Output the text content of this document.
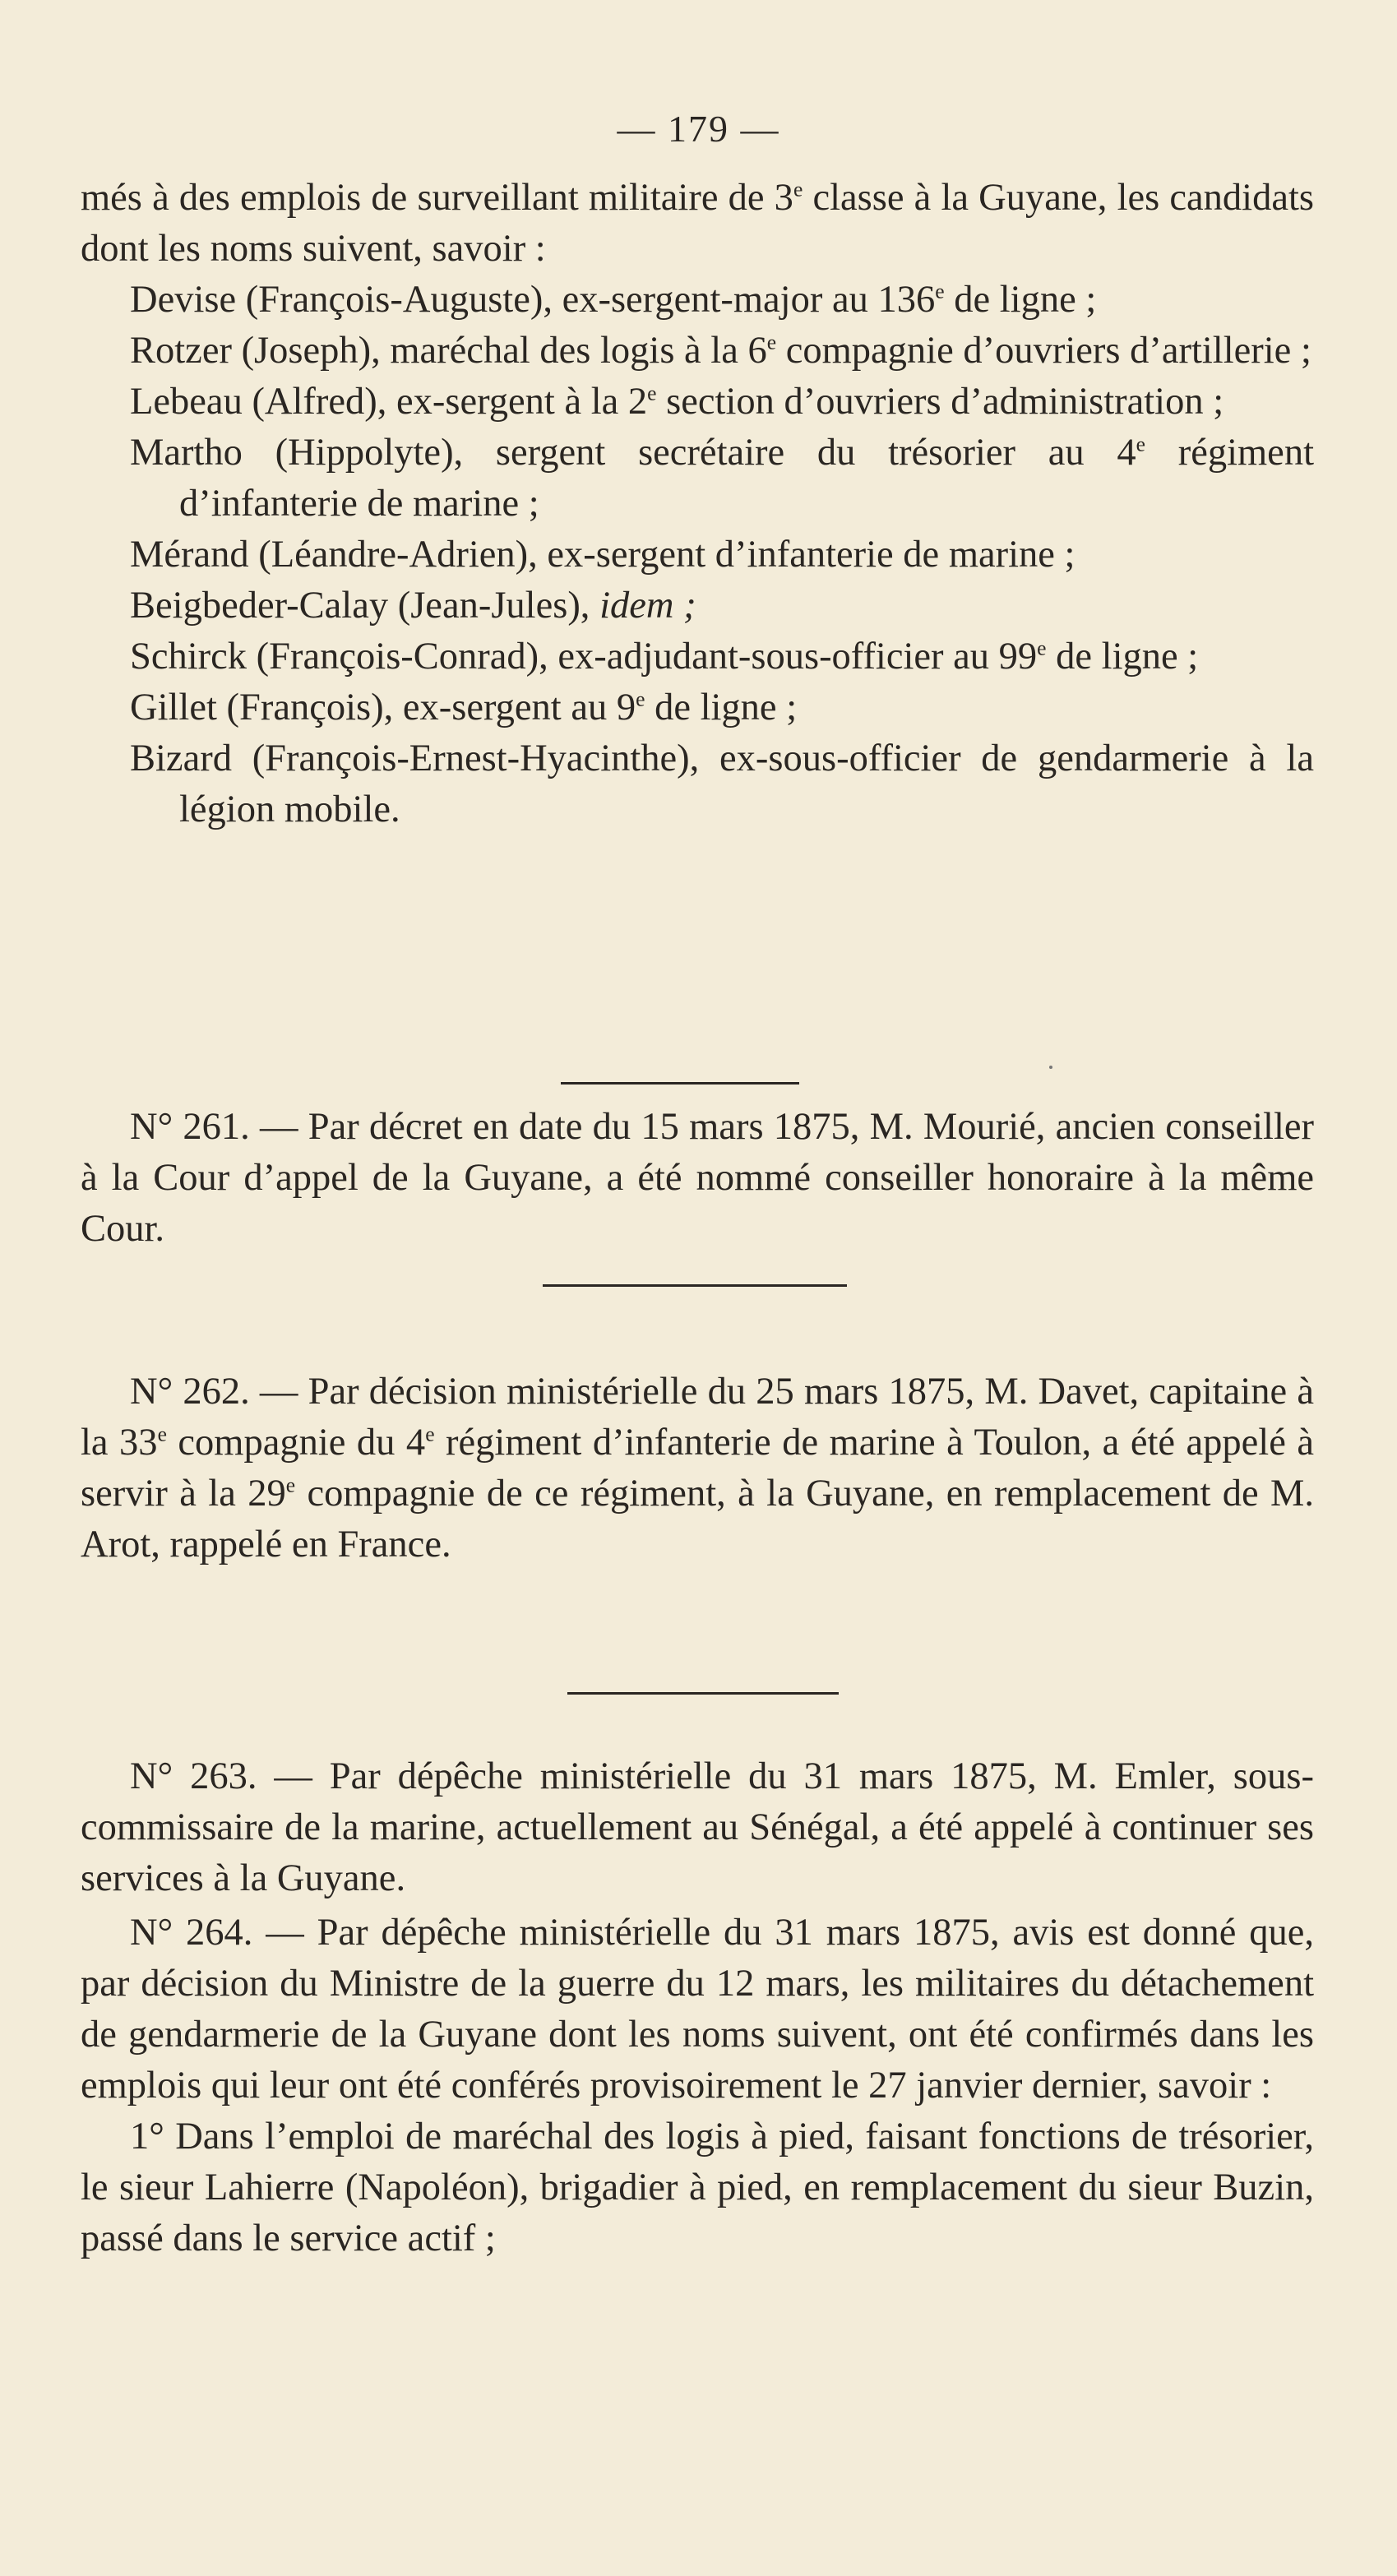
— 179 —

més à des emplois de surveillant militaire de 3e classe à la Guyane, les candidats dont les noms suivent, savoir :

Devise (François-Auguste), ex-sergent-major au 136e de ligne ;

Rotzer (Joseph), maréchal des logis à la 6e compagnie d’ouvriers d’artillerie ;

Lebeau (Alfred), ex-sergent à la 2e section d’ouvriers d’administration ;

Martho (Hippolyte), sergent secrétaire du trésorier au 4e régiment d’infanterie de marine ;

Mérand (Léandre-Adrien), ex-sergent d’infanterie de marine ;

Beigbeder-Calay (Jean-Jules), idem ;

Schirck (François-Conrad), ex-adjudant-sous-officier au 99e de ligne ;

Gillet (François), ex-sergent au 9e de ligne ;

Bizard (François-Ernest-Hyacinthe), ex-sous-officier de gendarmerie à la légion mobile.

N° 261. — Par décret en date du 15 mars 1875, M. Mourié, ancien conseiller à la Cour d’appel de la Guyane, a été nommé conseiller honoraire à la même Cour.

N° 262. — Par décision ministérielle du 25 mars 1875, M. Davet, capitaine à la 33e compagnie du 4e régiment d’infanterie de marine à Toulon, a été appelé à servir à la 29e compagnie de ce régiment, à la Guyane, en remplacement de M. Arot, rappelé en France.

N° 263. — Par dépêche ministérielle du 31 mars 1875, M. Emler, sous-commissaire de la marine, actuellement au Sénégal, a été appelé à continuer ses services à la Guyane.

N° 264. — Par dépêche ministérielle du 31 mars 1875, avis est donné que, par décision du Ministre de la guerre du 12 mars, les militaires du détachement de gendarmerie de la Guyane dont les noms suivent, ont été confirmés dans les emplois qui leur ont été conférés provisoirement le 27 janvier dernier, savoir :

1° Dans l’emploi de maréchal des logis à pied, faisant fonctions de trésorier, le sieur Lahierre (Napoléon), brigadier à pied, en remplacement du sieur Buzin, passé dans le service actif ;
